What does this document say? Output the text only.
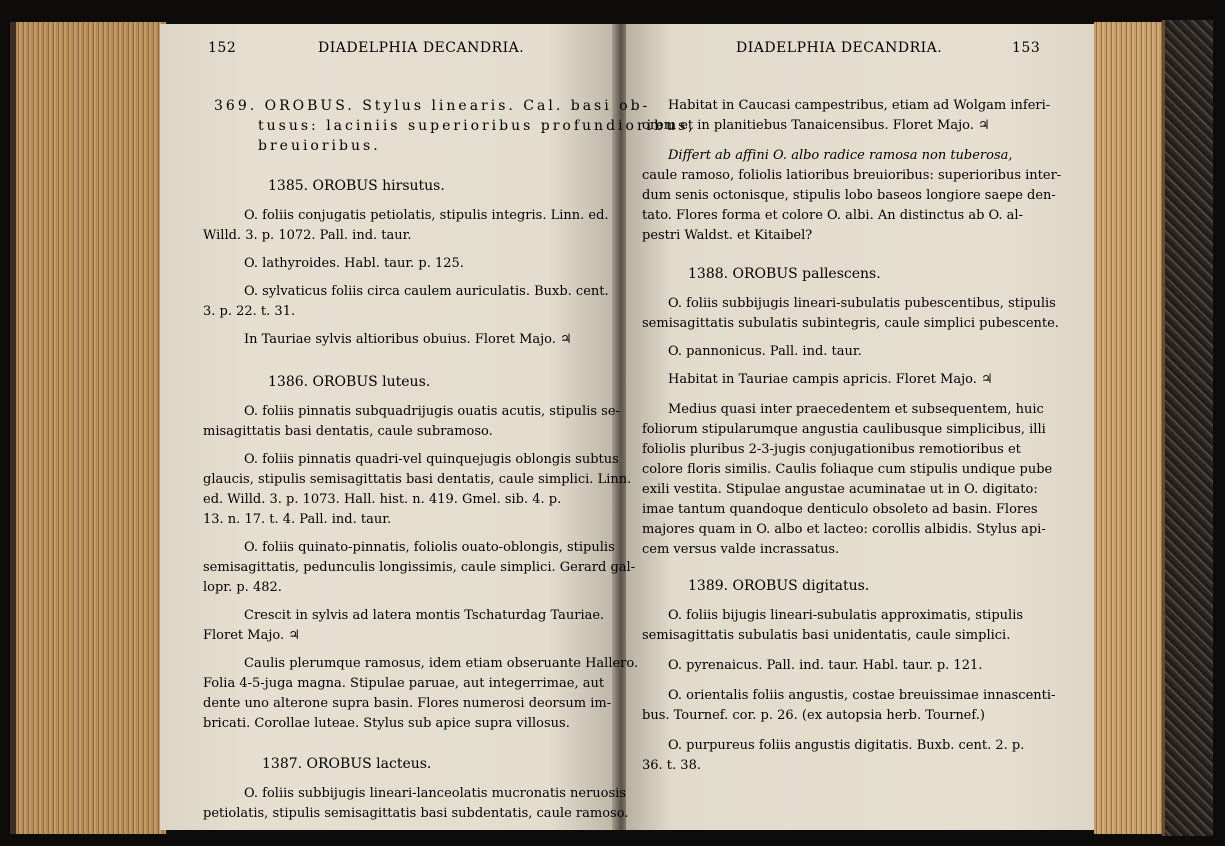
152	DIADELPHIA DECANDRIA.
369. OROBUS. Stylus linearis. Cal. basi ob-
tusus: laciniis superioribus profundioribus,
breuioribus.
1385. OROBUS hirsutus.
O. foliis conjugatis petiolatis, stipulis integris. Linn. ed.
Willd. 3. p. 1072. Pall. ind. taur.
O. lathyroides. Habl. taur. p. 125.
O. sylvaticus foliis circa caulem auriculatis. Buxb. cent.
3. p. 22. t. 31.
In Tauriae sylvis altioribus obuius. Floret Majo. ♃
1386. OROBUS luteus.
O. foliis pinnatis subquadrijugis ouatis acutis, stipulis se-
misagittatis basi dentatis, caule subramoso.
O. foliis pinnatis quadri-vel quinquejugis oblongis subtus
glaucis, stipulis semisagittatis basi dentatis, caule simplici. Linn.
ed. Willd. 3. p. 1073. Hall. hist. n. 419. Gmel. sib. 4. p.
13. n. 17. t. 4. Pall. ind. taur.
O. foliis quinato-pinnatis, foliolis ouato-oblongis, stipulis
semisagittatis, pedunculis longissimis, caule simplici. Gerard gal-
lopr. p. 482.
Crescit in sylvis ad latera montis Tschaturdag Tauriae.
Floret Majo. ♃
Caulis plerumque ramosus, idem etiam obseruante Hallero.
Folia 4-5-juga magna. Stipulae paruae, aut integerrimae, aut
dente uno alterone supra basin. Flores numerosi deorsum im-
bricati. Corollae luteae. Stylus sub apice supra villosus.
1387. OROBUS lacteus.
O. foliis subbijugis lineari-lanceolatis mucronatis neruosis
petiolatis, stipulis semisagittatis basi subdentatis, caule ramoso.
DIADELPHIA DECANDRIA.	153
Habitat in Caucasi campestribus, etiam ad Wolgam inferi-
orem et in planitiebus Tanaicensibus. Floret Majo. ♃
Differt ab affini O. albo radice ramosa non tuberosa,
caule ramoso, foliolis latioribus breuioribus: superioribus inter-
dum senis octonisque, stipulis lobo baseos longiore saepe den-
tato. Flores forma et colore O. albi. An distinctus ab O. al-
pestri Waldst. et Kitaibel?
1388. OROBUS pallescens.
O. foliis subbijugis lineari-subulatis pubescentibus, stipulis
semisagittatis subulatis subintegris, caule simplici pubescente.
O. pannonicus. Pall. ind. taur.
Habitat in Tauriae campis apricis. Floret Majo. ♃
Medius quasi inter praecedentem et subsequentem, huic
foliorum stipularumque angustia caulibusque simplicibus, illi
foliolis pluribus 2-3-jugis conjugationibus remotioribus et
colore floris similis. Caulis foliaque cum stipulis undique pube
exili vestita. Stipulae angustae acuminatae ut in O. digitato:
imae tantum quandoque denticulo obsoleto ad basin. Flores
majores quam in O. albo et lacteo: corollis albidis. Stylus api-
cem versus valde incrassatus.
1389. OROBUS digitatus.
O. foliis bijugis lineari-subulatis approximatis, stipulis
semisagittatis subulatis basi unidentatis, caule simplici.
O. pyrenaicus. Pall. ind. taur. Habl. taur. p. 121.
O. orientalis foliis angustis, costae breuissimae innascenti-
bus. Tournef. cor. p. 26. (ex autopsia herb. Tournef.)
O. purpureus foliis angustis digitatis. Buxb. cent. 2. p.
36. t. 38.
